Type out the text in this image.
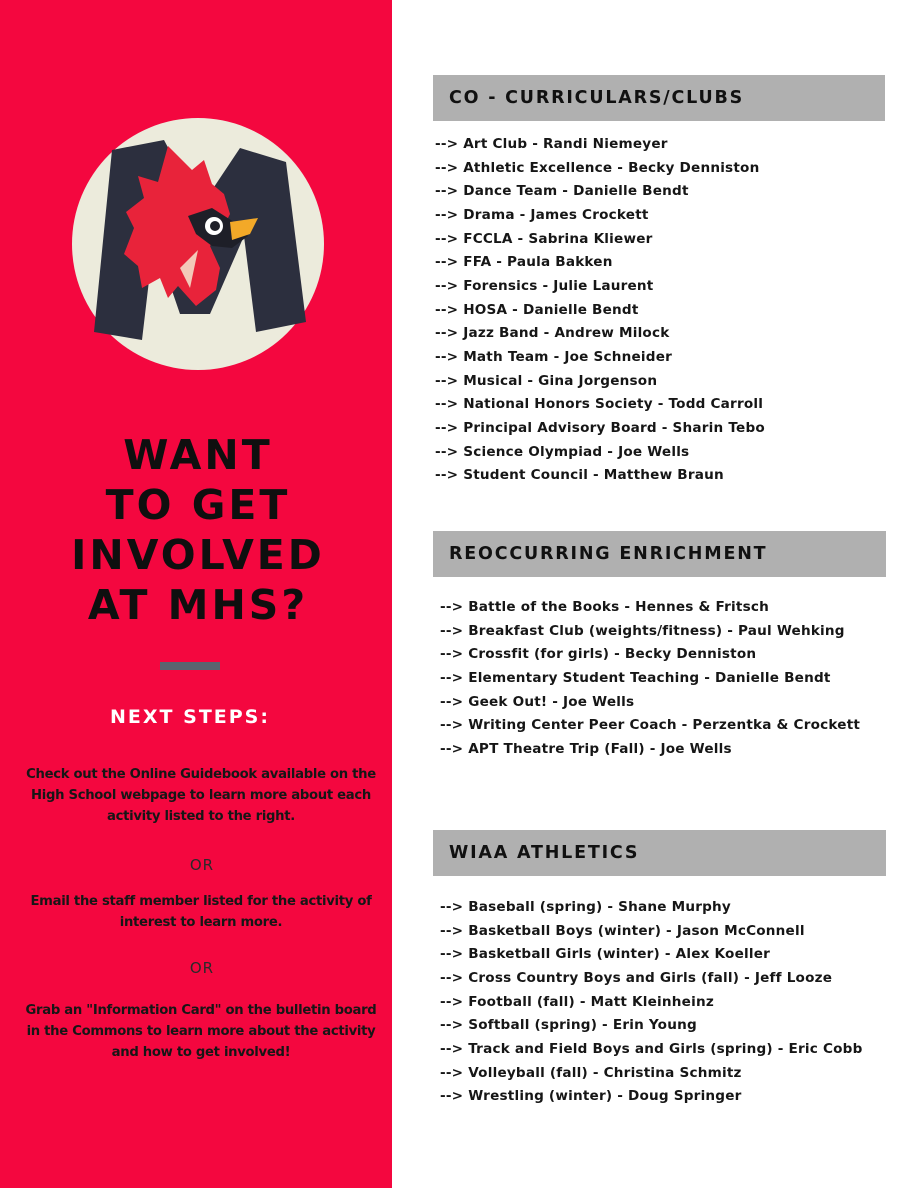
WANT
TO GET
INVOLVED
AT MHS?
NEXT STEPS:
Check out the Online Guidebook available on the High School webpage to learn more about each activity listed to the right.
OR
Email the staff member listed for the activity of interest to learn more.
OR
Grab an "Information Card" on the bulletin board in the Commons to learn more about the activity and how to get involved!
CO - CURRICULARS/CLUBS
--> Art Club - Randi Niemeyer
--> Athletic Excellence - Becky Denniston
--> Dance Team - Danielle Bendt
--> Drama - James Crockett
--> FCCLA - Sabrina Kliewer
--> FFA - Paula Bakken
--> Forensics - Julie Laurent
--> HOSA - Danielle Bendt
--> Jazz Band - Andrew Milock
--> Math Team - Joe Schneider
--> Musical - Gina Jorgenson
--> National Honors Society - Todd Carroll
--> Principal Advisory Board - Sharin Tebo
--> Science Olympiad - Joe Wells
--> Student Council - Matthew Braun
REOCCURRING ENRICHMENT
--> Battle of the Books - Hennes & Fritsch
--> Breakfast Club (weights/fitness) - Paul Wehking
--> Crossfit (for girls) - Becky Denniston
--> Elementary Student Teaching - Danielle Bendt
--> Geek Out! - Joe Wells
--> Writing Center Peer Coach - Perzentka & Crockett
--> APT Theatre Trip (Fall) - Joe Wells
WIAA ATHLETICS
--> Baseball (spring) - Shane Murphy
--> Basketball Boys (winter) - Jason McConnell
--> Basketball Girls (winter) - Alex Koeller
--> Cross Country Boys and Girls (fall) - Jeff Looze
--> Football (fall) - Matt Kleinheinz
--> Softball (spring) - Erin Young
--> Track and Field Boys and Girls (spring) - Eric Cobb
--> Volleyball (fall) - Christina Schmitz
--> Wrestling (winter) - Doug Springer
